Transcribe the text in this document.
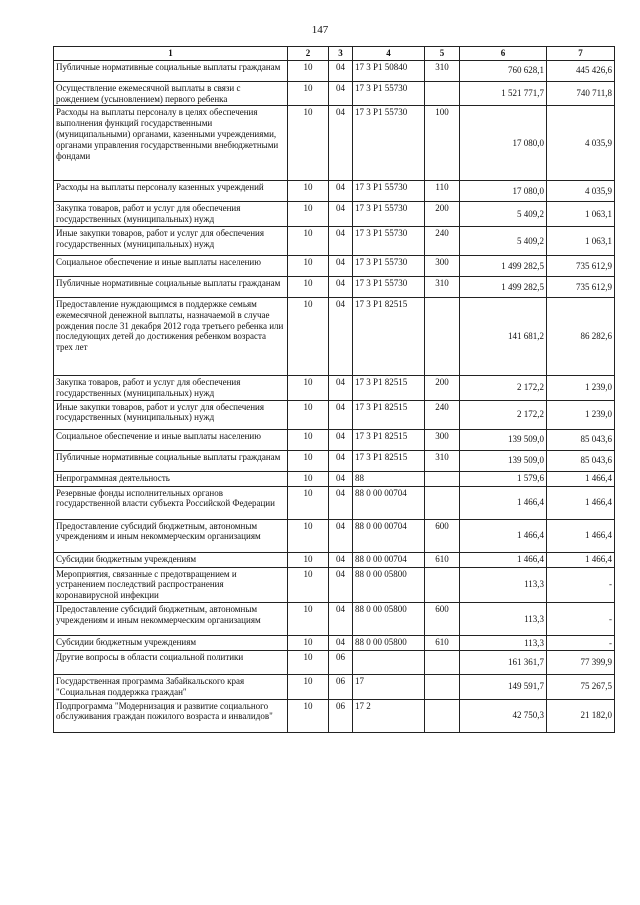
147
1	2	3	4	5	6	7
Публичные нормативные социальные выплаты гражданам	10	04	17 3 P1 50840	310	760 628,1	445 426,6
Осуществление ежемесячной выплаты в связи с рождением (усыновлением) первого ребенка	10	04	17 3 P1 55730		1 521 771,7	740 711,8
Расходы на выплаты персоналу в целях обеспечения выполнения функций государственными (муниципальными) органами, казенными учреждениями, органами управления государственными внебюджетными фондами	10	04	17 3 P1 55730	100	17 080,0	4 035,9
Расходы на выплаты персоналу казенных учреждений	10	04	17 3 P1 55730	110	17 080,0	4 035,9
Закупка товаров, работ и услуг для обеспечения государственных (муниципальных) нужд	10	04	17 3 P1 55730	200	5 409,2	1 063,1
Иные закупки товаров, работ и услуг для обеспечения государственных (муниципальных) нужд	10	04	17 3 P1 55730	240	5 409,2	1 063,1
Социальное обеспечение и иные выплаты населению	10	04	17 3 P1 55730	300	1 499 282,5	735 612,9
Публичные нормативные социальные выплаты гражданам	10	04	17 3 P1 55730	310	1 499 282,5	735 612,9
Предоставление нуждающимся в поддержке семьям ежемесячной денежной выплаты, назначаемой в случае рождения после 31 декабря 2012 года третьего ребенка или последующих детей до достижения ребенком возраста трех лет	10	04	17 3 P1 82515		141 681,2	86 282,6
Закупка товаров, работ и услуг для обеспечения государственных (муниципальных) нужд	10	04	17 3 P1 82515	200	2 172,2	1 239,0
Иные закупки товаров, работ и услуг для обеспечения государственных (муниципальных) нужд	10	04	17 3 P1 82515	240	2 172,2	1 239,0
Социальное обеспечение и иные выплаты населению	10	04	17 3 P1 82515	300	139 509,0	85 043,6
Публичные нормативные социальные выплаты гражданам	10	04	17 3 P1 82515	310	139 509,0	85 043,6
Непрограммная деятельность	10	04	88		1 579,6	1 466,4
Резервные фонды исполнительных органов государственной власти субъекта Российской Федерации	10	04	88 0 00 00704		1 466,4	1 466,4
Предоставление субсидий бюджетным, автономным учреждениям и иным некоммерческим организациям	10	04	88 0 00 00704	600	1 466,4	1 466,4
Субсидии бюджетным учреждениям	10	04	88 0 00 00704	610	1 466,4	1 466,4
Мероприятия, связанные с предотвращением и устранением последствий распространения коронавирусной инфекции	10	04	88 0 00 05800		113,3	-
Предоставление субсидий бюджетным, автономным учреждениям и иным некоммерческим организациям	10	04	88 0 00 05800	600	113,3	-
Субсидии бюджетным учреждениям	10	04	88 0 00 05800	610	113,3	-
Другие вопросы в области социальной политики	10	06			161 361,7	77 399,9
Государственная программа Забайкальского края "Социальная поддержка граждан"	10	06	17		149 591,7	75 267,5
Подпрограмма "Модернизация и развитие социального обслуживания граждан пожилого возраста и инвалидов"	10	06	17 2		42 750,3	21 182,0
